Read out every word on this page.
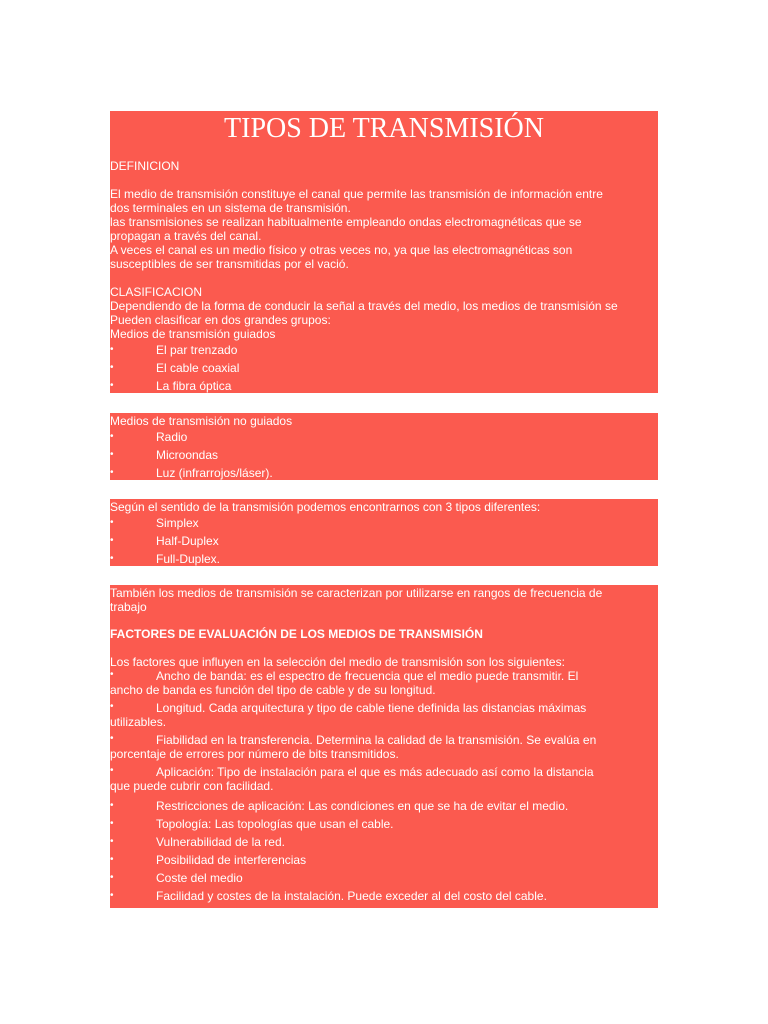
TIPOS DE TRANSMISIÓN
DEFINICION
El medio de transmisión constituye el canal que permite las transmisión de información entre
dos terminales en un sistema de transmisión.
las transmisiones se realizan habitualmente empleando ondas electromagnéticas que se
propagan a través del canal.
A veces el canal es un medio físico y otras veces no, ya que las electromagnéticas son
susceptibles de ser transmitidas por el vació.
CLASIFICACION
Dependiendo de la forma de conducir la señal a través del medio, los medios de transmisión se
Pueden clasificar en dos grandes grupos:
Medios de transmisión guiados
• El par trenzado
• El cable coaxial
• La fibra óptica
Medios de transmisión no guiados
• Radio
• Microondas
• Luz (infrarrojos/láser).
Según el sentido de la transmisión podemos encontrarnos con 3 tipos diferentes:
• Simplex
• Half-Duplex
• Full-Duplex.
También los medios de transmisión se caracterizan por utilizarse en rangos de frecuencia de
trabajo
FACTORES DE EVALUACIÓN DE LOS MEDIOS DE TRANSMISIÓN
Los factores que influyen en la selección del medio de transmisión son los siguientes:
• Ancho de banda: es el espectro de frecuencia que el medio puede transmitir. El
ancho de banda es función del tipo de cable y de su longitud.
• Longitud. Cada arquitectura y tipo de cable tiene definida las distancias máximas
utilizables.
• Fiabilidad en la transferencia. Determina la calidad de la transmisión. Se evalúa en
porcentaje de errores por número de bits transmitidos.
• Aplicación: Tipo de instalación para el que es más adecuado así como la distancia
que puede cubrir con facilidad.
• Restricciones de aplicación: Las condiciones en que se ha de evitar el medio.
• Topología: Las topologías que usan el cable.
• Vulnerabilidad de la red.
• Posibilidad de interferencias
• Coste del medio
• Facilidad y costes de la instalación. Puede exceder al del costo del cable.
